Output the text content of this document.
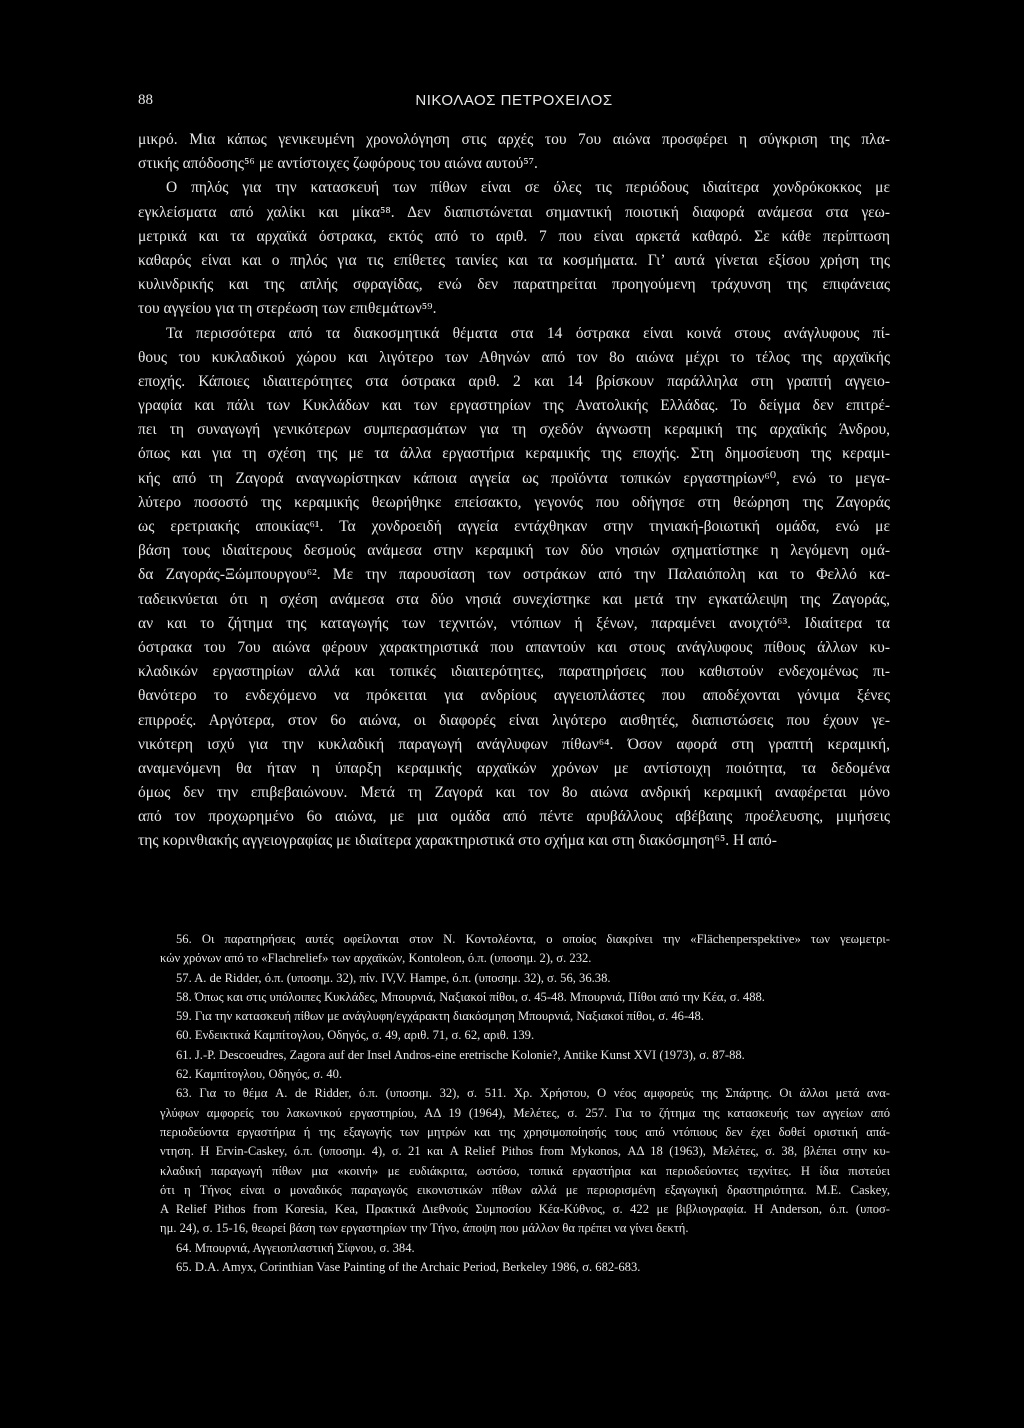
88	ΝΙΚΟΛΑΟΣ ΠΕΤΡΟΧΕΙΛΟΣ
μικρό. Μια κάπως γενικευμένη χρονολόγηση στις αρχές του 7ου αιώνα προσφέρει η σύγκριση της πλα-
στικής απόδοσης⁵⁶ με αντίστοιχες ζωφόρους του αιώνα αυτού⁵⁷.
Ο πηλός για την κατασκευή των πίθων είναι σε όλες τις περιόδους ιδιαίτερα χονδρόκοκκος με
εγκλείσματα από χαλίκι και μίκα⁵⁸. Δεν διαπιστώνεται σημαντική ποιοτική διαφορά ανάμεσα στα γεω-
μετρικά και τα αρχαϊκά όστρακα, εκτός από το αριθ. 7 που είναι αρκετά καθαρό. Σε κάθε περίπτωση
καθαρός είναι και ο πηλός για τις επίθετες ταινίες και τα κοσμήματα. Γι’ αυτά γίνεται εξίσου χρήση της
κυλινδρικής και της απλής σφραγίδας, ενώ δεν παρατηρείται προηγούμενη τράχυνση της επιφάνειας
του αγγείου για τη στερέωση των επιθεμάτων⁵⁹.
Τα περισσότερα από τα διακοσμητικά θέματα στα 14 όστρακα είναι κοινά στους ανάγλυφους πί-
θους του κυκλαδικού χώρου και λιγότερο των Αθηνών από τον 8ο αιώνα μέχρι το τέλος της αρχαϊκής
εποχής. Κάποιες ιδιαιτερότητες στα όστρακα αριθ. 2 και 14 βρίσκουν παράλληλα στη γραπτή αγγειο-
γραφία και πάλι των Κυκλάδων και των εργαστηρίων της Ανατολικής Ελλάδας. Το δείγμα δεν επιτρέ-
πει τη συναγωγή γενικότερων συμπερασμάτων για τη σχεδόν άγνωστη κεραμική της αρχαϊκής Άνδρου,
όπως και για τη σχέση της με τα άλλα εργαστήρια κεραμικής της εποχής. Στη δημοσίευση της κεραμι-
κής από τη Ζαγορά αναγνωρίστηκαν κάποια αγγεία ως προϊόντα τοπικών εργαστηρίων⁶⁰, ενώ το μεγα-
λύτερο ποσοστό της κεραμικής θεωρήθηκε επείσακτο, γεγονός που οδήγησε στη θεώρηση της Ζαγοράς
ως ερετριακής αποικίας⁶¹. Τα χονδροειδή αγγεία εντάχθηκαν στην τηνιακή-βοιωτική ομάδα, ενώ με
βάση τους ιδιαίτερους δεσμούς ανάμεσα στην κεραμική των δύο νησιών σχηματίστηκε η λεγόμενη ομά-
δα Ζαγοράς-Ξώμπουργου⁶². Με την παρουσίαση των οστράκων από την Παλαιόπολη και το Φελλό κα-
ταδεικνύεται ότι η σχέση ανάμεσα στα δύο νησιά συνεχίστηκε και μετά την εγκατάλειψη της Ζαγοράς,
αν και το ζήτημα της καταγωγής των τεχνιτών, ντόπιων ή ξένων, παραμένει ανοιχτό⁶³. Ιδιαίτερα τα
όστρακα του 7ου αιώνα φέρουν χαρακτηριστικά που απαντούν και στους ανάγλυφους πίθους άλλων κυ-
κλαδικών εργαστηρίων αλλά και τοπικές ιδιαιτερότητες, παρατηρήσεις που καθιστούν ενδεχομένως πι-
θανότερο το ενδεχόμενο να πρόκειται για ανδρίους αγγειοπλάστες που αποδέχονται γόνιμα ξένες
επιρροές. Αργότερα, στον 6ο αιώνα, οι διαφορές είναι λιγότερο αισθητές, διαπιστώσεις που έχουν γε-
νικότερη ισχύ για την κυκλαδική παραγωγή ανάγλυφων πίθων⁶⁴. Όσον αφορά στη γραπτή κεραμική,
αναμενόμενη θα ήταν η ύπαρξη κεραμικής αρχαϊκών χρόνων με αντίστοιχη ποιότητα, τα δεδομένα
όμως δεν την επιβεβαιώνουν. Μετά τη Ζαγορά και τον 8ο αιώνα ανδρική κεραμική αναφέρεται μόνο
από τον προχωρημένο 6ο αιώνα, με μια ομάδα από πέντε αρυβάλλους αβέβαιης προέλευσης, μιμήσεις
της κορινθιακής αγγειογραφίας με ιδιαίτερα χαρακτηριστικά στο σχήμα και στη διακόσμηση⁶⁵. Η από-
56. Οι παρατηρήσεις αυτές οφείλονται στον Ν. Κοντολέοντα, ο οποίος διακρίνει την «Flächenperspektive» των γεωμετρι-
κών χρόνων από το «Flachrelief» των αρχαϊκών, Kontoleon, ό.π. (υποσημ. 2), σ. 232.
57. A. de Ridder, ό.π. (υποσημ. 32), πίν. IV,V. Hampe, ό.π. (υποσημ. 32), σ. 56, 36.38.
58. Όπως και στις υπόλοιπες Κυκλάδες, Μπουρνιά, Ναξιακοί πίθοι, σ. 45-48. Μπουρνιά, Πίθοι από την Κέα, σ. 488.
59. Για την κατασκευή πίθων με ανάγλυφη/εγχάρακτη διακόσμηση Μπουρνιά, Ναξιακοί πίθοι, σ. 46-48.
60. Ενδεικτικά Καμπίτογλου, Οδηγός, σ. 49, αριθ. 71, σ. 62, αριθ. 139.
61. J.-P. Descoeudres, Zagora auf der Insel Andros-eine eretrische Kolonie?, Antike Kunst XVI (1973), σ. 87-88.
62. Καμπίτογλου, Οδηγός, σ. 40.
63. Για το θέμα A. de Ridder, ό.π. (υποσημ. 32), σ. 511. Χρ. Χρήστου, Ο νέος αμφορεύς της Σπάρτης. Οι άλλοι μετά ανα-
γλύφων αμφορείς του λακωνικού εργαστηρίου, ΑΔ 19 (1964), Μελέτες, σ. 257. Για το ζήτημα της κατασκευής των αγγείων από
περιοδεύοντα εργαστήρια ή της εξαγωγής των μητρών και της χρησιμοποίησής τους από ντόπιους δεν έχει δοθεί οριστική απά-
ντηση. H Ervin-Caskey, ό.π. (υποσημ. 4), σ. 21 και A Relief Pithos from Mykonos, ΑΔ 18 (1963), Μελέτες, σ. 38, βλέπει στην κυ-
κλαδική παραγωγή πίθων μια «κοινή» με ευδιάκριτα, ωστόσο, τοπικά εργαστήρια και περιοδεύοντες τεχνίτες. Η ίδια πιστεύει
ότι η Τήνος είναι ο μοναδικός παραγωγός εικονιστικών πίθων αλλά με περιορισμένη εξαγωγική δραστηριότητα. M.E. Caskey,
A Relief Pithos from Koresia, Kea, Πρακτικά Διεθνούς Συμποσίου Κέα-Κύθνος, σ. 422 με βιβλιογραφία. H Anderson, ό.π. (υποσ-
ημ. 24), σ. 15-16, θεωρεί βάση των εργαστηρίων την Τήνο, άποψη που μάλλον θα πρέπει να γίνει δεκτή.
64. Μπουρνιά, Αγγειοπλαστική Σίφνου, σ. 384.
65. D.A. Amyx, Corinthian Vase Painting of the Archaic Period, Berkeley 1986, σ. 682-683.
